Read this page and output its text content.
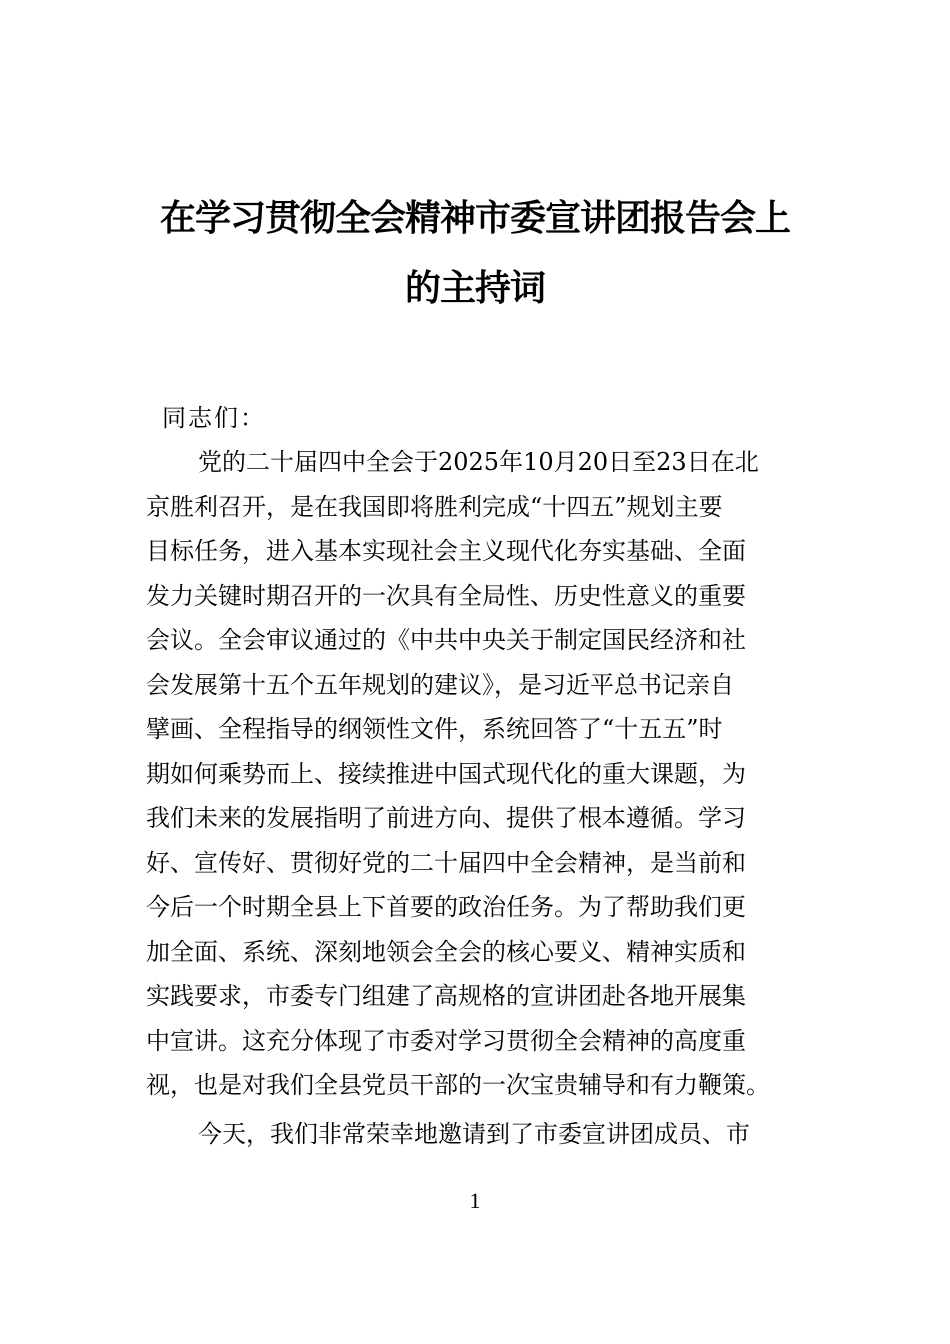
在学习贯彻全会精神市委宣讲团报告会上
的主持词
同志们：
党的二十届四中全会于2025年10月20日至23日在北
京胜利召开，是在我国即将胜利完成“十四五”规划主要
目标任务，进入基本实现社会主义现代化夯实基础、全面
发力关键时期召开的一次具有全局性、历史性意义的重要
会议。全会审议通过的《中共中央关于制定国民经济和社
会发展第十五个五年规划的建议》，是习近平总书记亲自
擘画、全程指导的纲领性文件，系统回答了“十五五”时
期如何乘势而上、接续推进中国式现代化的重大课题，为
我们未来的发展指明了前进方向、提供了根本遵循。学习
好、宣传好、贯彻好党的二十届四中全会精神，是当前和
今后一个时期全县上下首要的政治任务。为了帮助我们更
加全面、系统、深刻地领会全会的核心要义、精神实质和
实践要求，市委专门组建了高规格的宣讲团赴各地开展集
中宣讲。这充分体现了市委对学习贯彻全会精神的高度重
视，也是对我们全县党员干部的一次宝贵辅导和有力鞭策。
今天，我们非常荣幸地邀请到了市委宣讲团成员、市
1
